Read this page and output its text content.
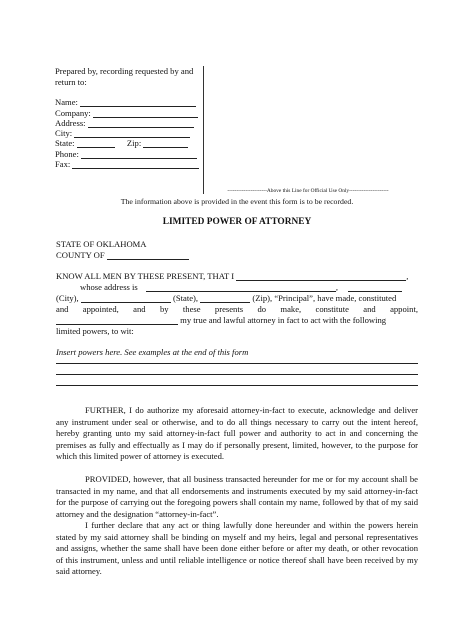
Prepared by, recording requested by and return to:
Name:
Company:
Address:
City:
State:	Zip:
Phone:
Fax:
----------------------Above this Line for Official Use Only----------------------
The information above is provided in the event this form is to be recorded.
LIMITED POWER OF ATTORNEY
STATE OF OKLAHOMA
COUNTY OF
KNOW ALL MEN BY THESE PRESENT, THAT I	,
whose address is	,
(City),	(State),	(Zip), “Principal”, have made, constituted
and appointed, and by these presents do make, constitute and appoint,
my true and lawful attorney in fact to act with the following
limited powers, to wit:
Insert powers here. See examples at the end of this form
FURTHER, I do authorize my aforesaid attorney-in-fact to execute, acknowledge and deliver any instrument under seal or otherwise, and to do all things necessary to carry out the intent hereof, hereby granting unto my said attorney-in-fact full power and authority to act in and concerning the premises as fully and effectually as I may do if personally present, limited, however, to the purpose for which this limited power of attorney is executed.
PROVIDED, however, that all business transacted hereunder for me or for my account shall be transacted in my name, and that all endorsements and instruments executed by my said attorney-in-fact for the purpose of carrying out the foregoing powers shall contain my name, followed by that of my said attorney and the designation “attorney-in-fact”.
I further declare that any act or thing lawfully done hereunder and within the powers herein stated by my said attorney shall be binding on myself and my heirs, legal and personal representatives and assigns, whether the same shall have been done either before or after my death, or other revocation of this instrument, unless and until reliable intelligence or notice thereof shall have been received by my said attorney.
